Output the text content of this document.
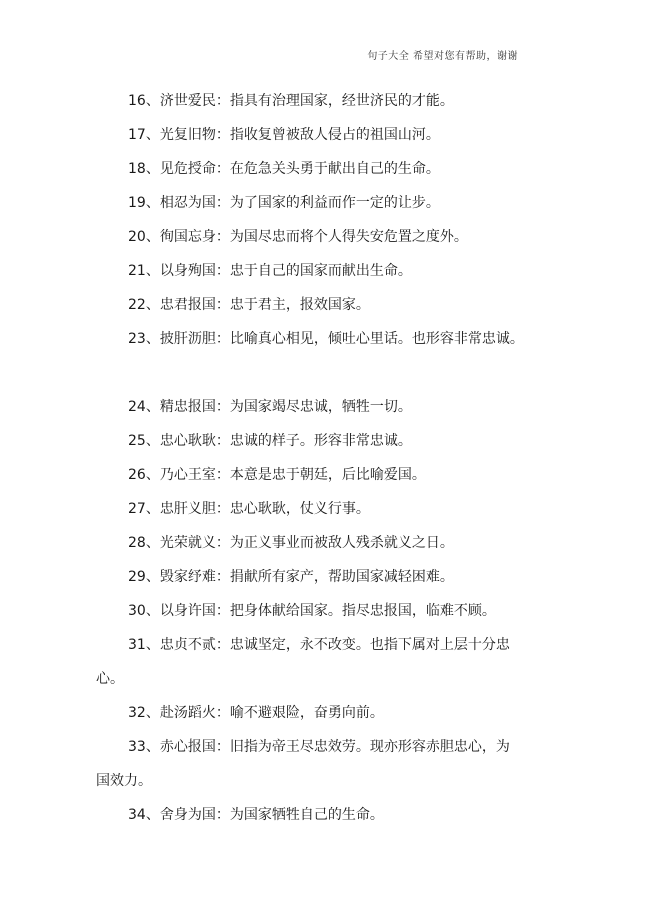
句子大全 希望对您有帮助，谢谢
16、济世爱民：指具有治理国家，经世济民的才能。
17、光复旧物：指收复曾被敌人侵占的祖国山河。
18、见危授命：在危急关头勇于献出自己的生命。
19、相忍为国：为了国家的利益而作一定的让步。
20、徇国忘身：为国尽忠而将个人得失安危置之度外。
21、以身殉国：忠于自己的国家而献出生命。
22、忠君报国：忠于君主，报效国家。
23、披肝沥胆：比喻真心相见，倾吐心里话。也形容非常忠诚。
24、精忠报国：为国家竭尽忠诚，牺牲一切。
25、忠心耿耿：忠诚的样子。形容非常忠诚。
26、乃心王室：本意是忠于朝廷，后比喻爱国。
27、忠肝义胆：忠心耿耿，仗义行事。
28、光荣就义：为正义事业而被敌人残杀就义之日。
29、毁家纾难：捐献所有家产，帮助国家减轻困难。
30、以身许国：把身体献给国家。指尽忠报国，临难不顾。
31、忠贞不贰：忠诚坚定，永不改变。也指下属对上层十分忠
心。
32、赴汤蹈火：喻不避艰险，奋勇向前。
33、赤心报国：旧指为帝王尽忠效劳。现亦形容赤胆忠心，为
国效力。
34、舍身为国：为国家牺牲自己的生命。
